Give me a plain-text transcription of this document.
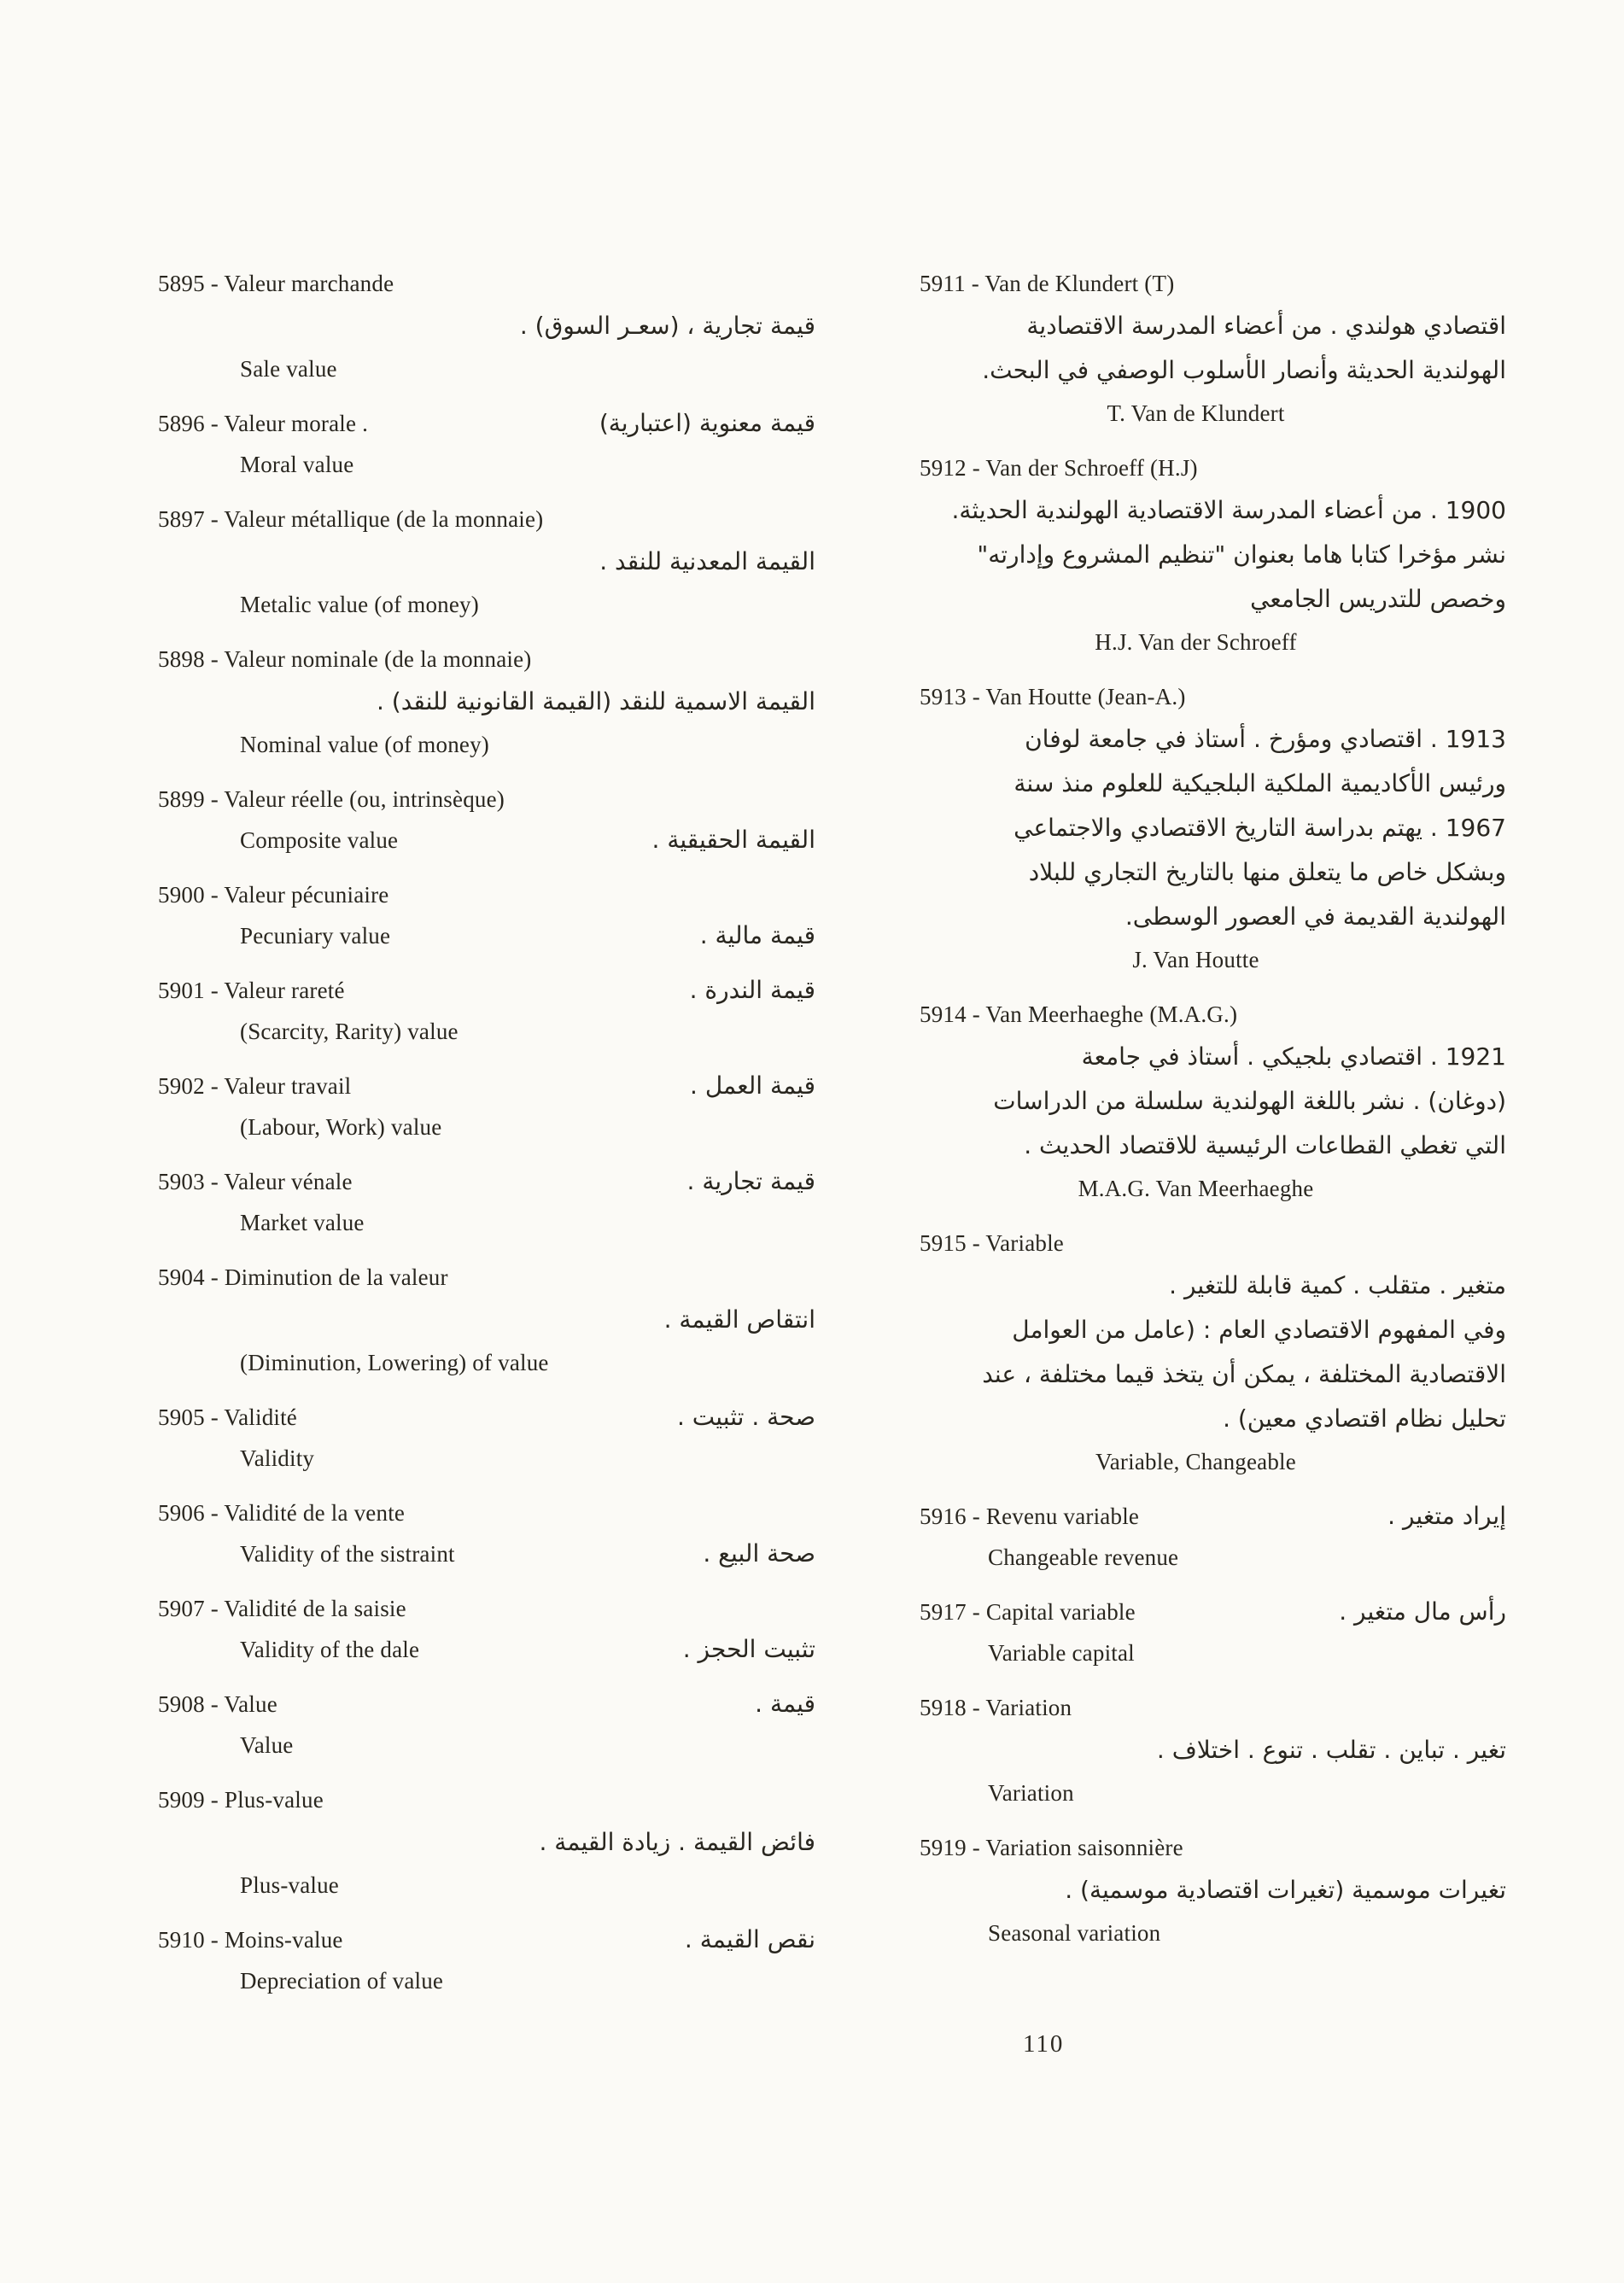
5895 - Valeur marchande
قيمة تجارية ، (سعـر السوق) .
Sale value
5896 - Valeur morale .	قيمة معنوية (اعتبارية)
Moral value
5897 - Valeur métallique (de la monnaie)
القيمة المعدنية للنقد .
Metalic value (of money)
5898 - Valeur nominale (de la monnaie)
القيمة الاسمية للنقد (القيمة القانونية للنقد) .
Nominal value (of money)
5899 - Valeur réelle (ou, intrinsèque)
Composite value	القيمة الحقيقية .
5900 - Valeur pécuniaire
Pecuniary value	قيمة مالية .
5901 - Valeur rareté	قيمة الندرة .
(Scarcity, Rarity) value
5902 - Valeur travail	قيمة العمل .
(Labour, Work) value
5903 - Valeur vénale	قيمة تجارية .
Market value
5904 - Diminution de la valeur
انتقاص القيمة .
(Diminution, Lowering) of value
5905 - Validité	صحة . تثبيت .
Validity
5906 - Validité de la vente
Validity of the sistraint	صحة البيع .
5907 - Validité de la saisie
Validity of the dale	تثبيت الحجز .
5908 - Value	قيمة .
Value
5909 - Plus-value
فائض القيمة . زيادة القيمة .
Plus-value
5910 - Moins-value	نقص القيمة .
Depreciation of value
5911 - Van de Klundert (T)
اقتصادي هولندي . من أعضاء المدرسة الاقتصادية
الهولندية الحديثة وأنصار الأسلوب الوصفي في البحث.
T. Van de Klundert
5912 - Van der Schroeff (H.J)
1900 . من أعضاء المدرسة الاقتصادية الهولندية الحديثة.
نشر مؤخرا كتابا هاما بعنوان "تنظيم المشروع وإدارته"
وخصص للتدريس الجامعي
H.J. Van der Schroeff
5913 - Van Houtte (Jean-A.)
1913 . اقتصادي ومؤرخ . أستاذ في جامعة لوفان
ورئيس الأكاديمية الملكية البلجيكية للعلوم منذ سنة
1967 . يهتم بدراسة التاريخ الاقتصادي والاجتماعي
وبشكل خاص ما يتعلق منها بالتاريخ التجاري للبلاد
الهولندية القديمة في العصور الوسطى.
J. Van Houtte
5914 - Van Meerhaeghe (M.A.G.)
1921 . اقتصادي بلجيكي . أستاذ في جامعة
(دوغان) . نشر باللغة الهولندية سلسلة من الدراسات
التي تغطي القطاعات الرئيسية للاقتصاد الحديث .
M.A.G. Van Meerhaeghe
5915 - Variable
متغير . متقلب . كمية قابلة للتغير .
وفي المفهوم الاقتصادي العام : (عامل من العوامل
الاقتصادية المختلفة ، يمكن أن يتخذ قيما مختلفة ، عند
تحليل نظام اقتصادي معين) .
Variable, Changeable
5916 - Revenu variable	إيراد متغير .
Changeable revenue
5917 - Capital variable	رأس مال متغير .
Variable capital
5918 - Variation
تغير . تباين . تقلب . تنوع . اختلاف .
Variation
5919 - Variation saisonnière
تغيرات موسمية (تغيرات اقتصادية موسمية) .
Seasonal variation
110
